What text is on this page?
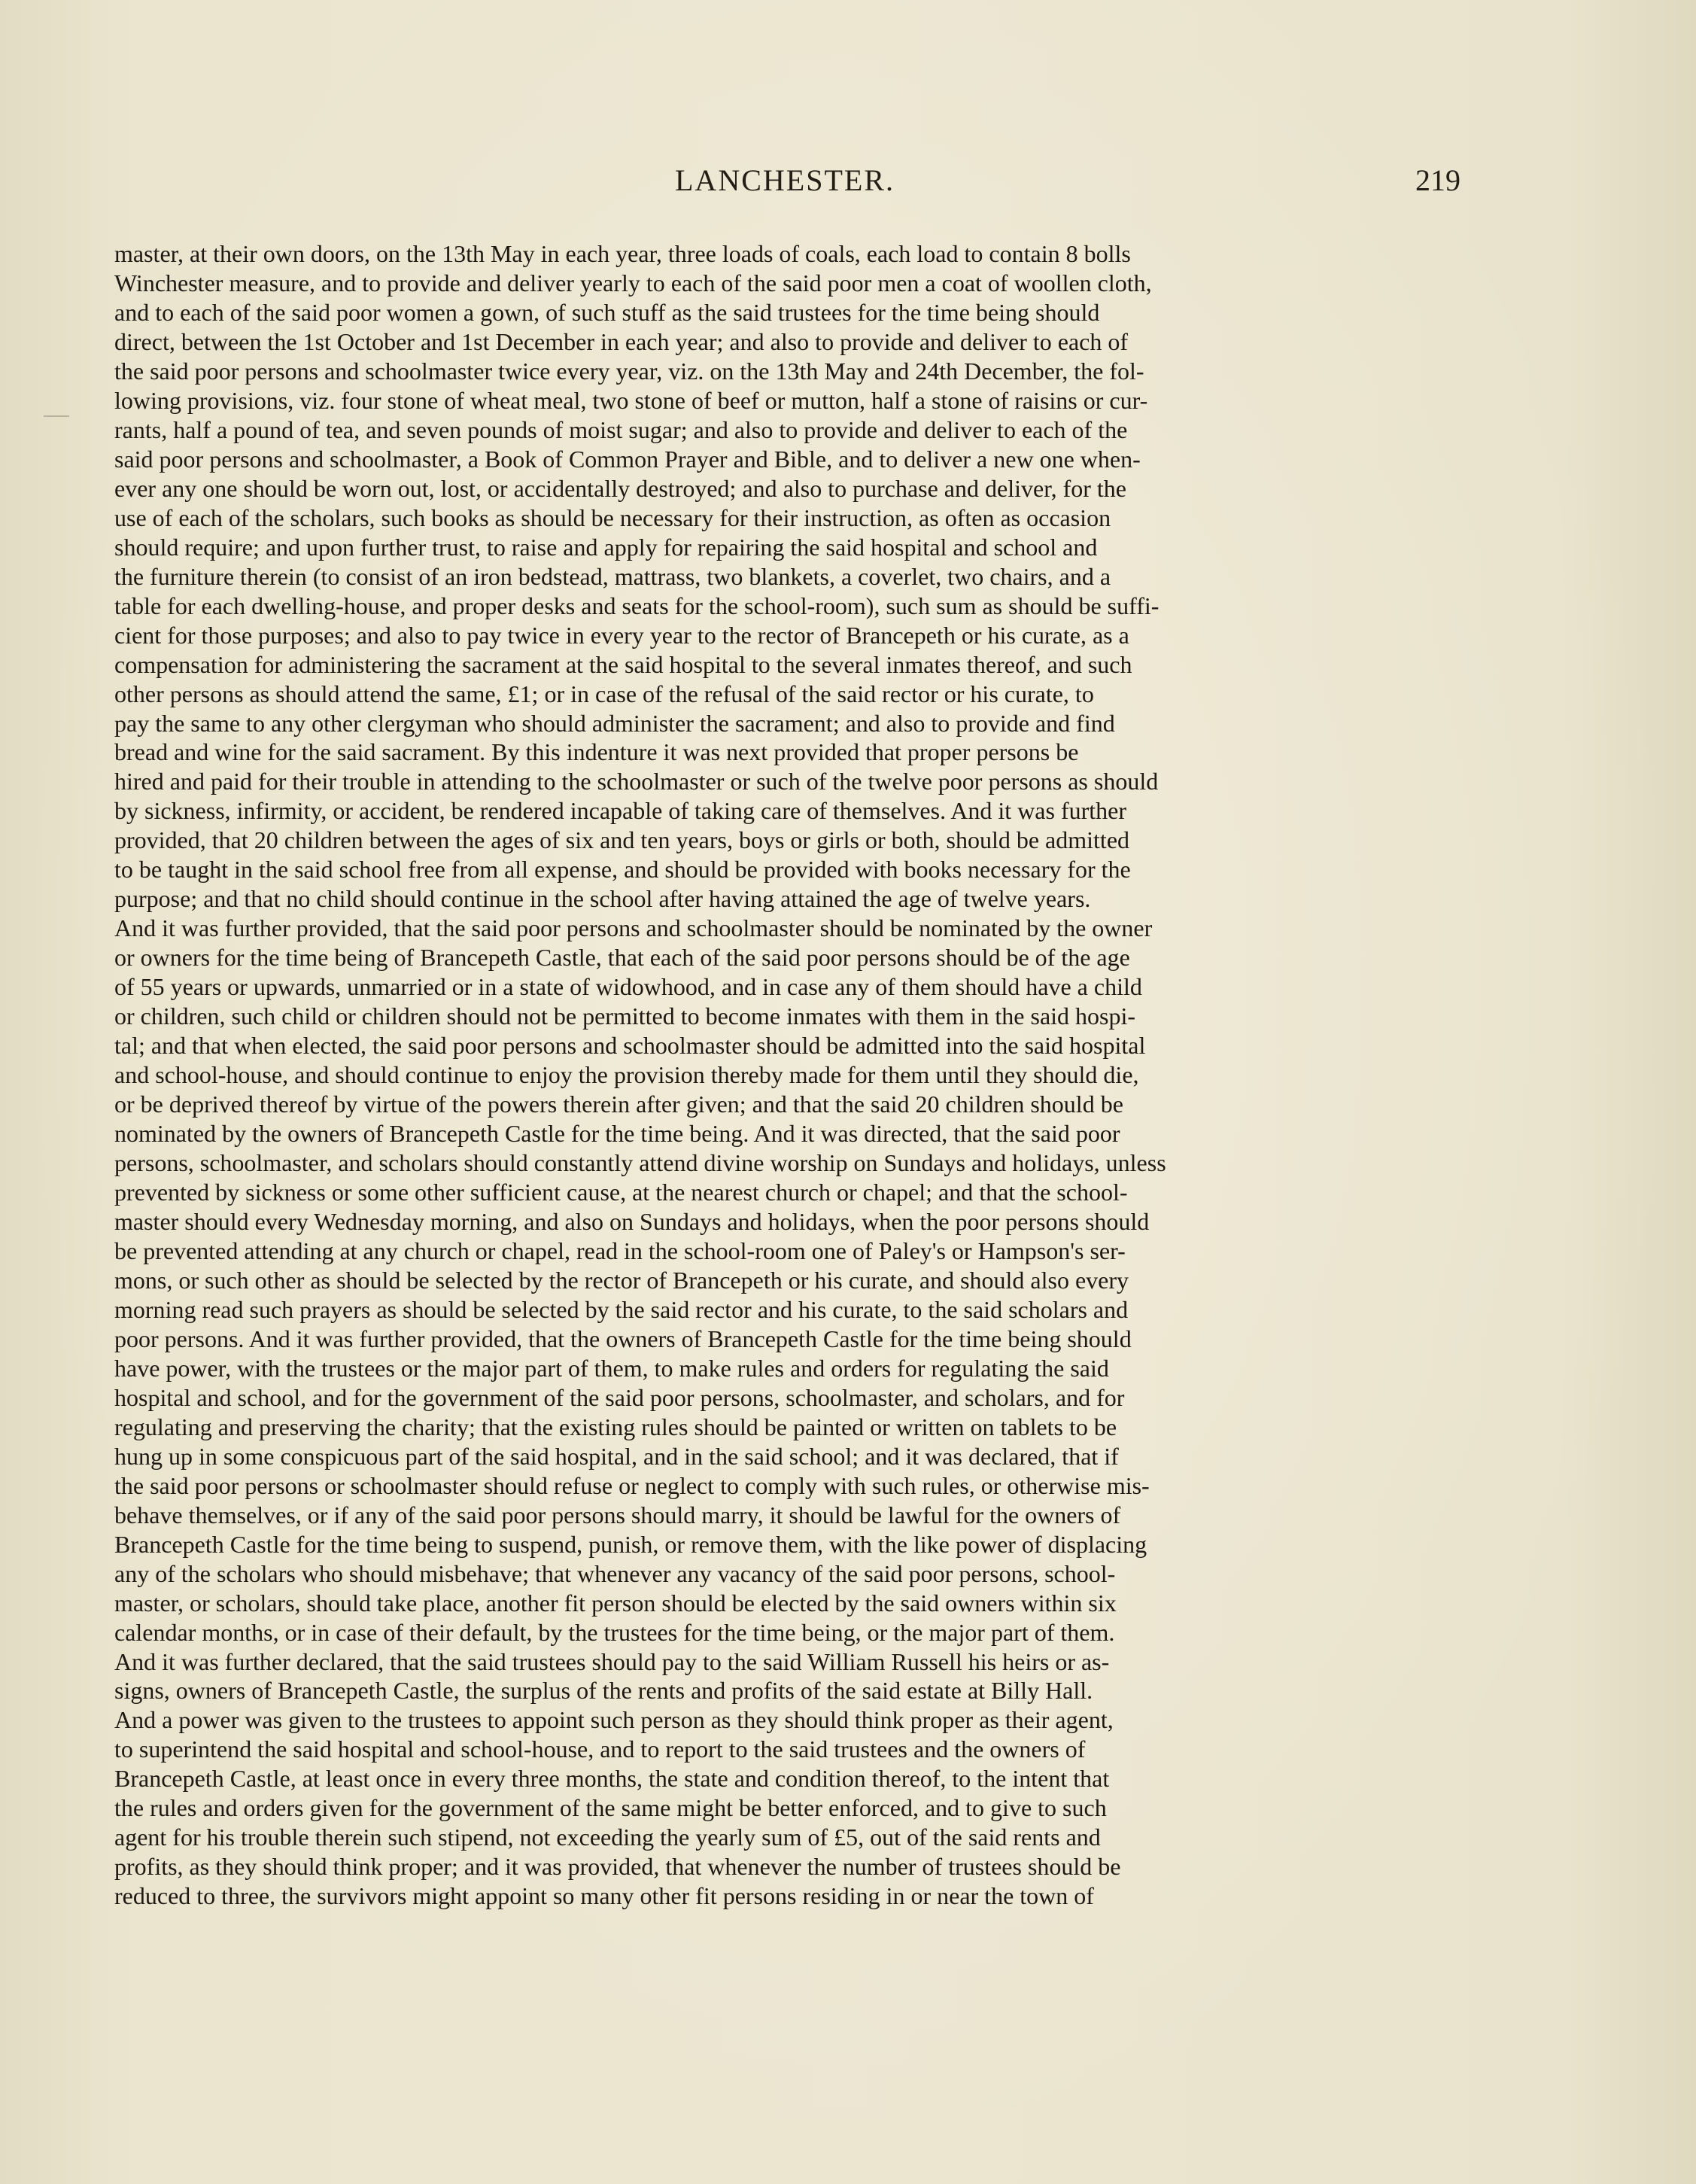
LANCHESTER.	219
master, at their own doors, on the 13th May in each year, three loads of coals, each load to contain 8 bolls
Winchester measure, and to provide and deliver yearly to each of the said poor men a coat of woollen cloth,
and to each of the said poor women a gown, of such stuff as the said trustees for the time being should
direct, between the 1st October and 1st December in each year; and also to provide and deliver to each of
the said poor persons and schoolmaster twice every year, viz. on the 13th May and 24th December, the fol-
lowing provisions, viz. four stone of wheat meal, two stone of beef or mutton, half a stone of raisins or cur-
rants, half a pound of tea, and seven pounds of moist sugar; and also to provide and deliver to each of the
said poor persons and schoolmaster, a Book of Common Prayer and Bible, and to deliver a new one when-
ever any one should be worn out, lost, or accidentally destroyed; and also to purchase and deliver, for the
use of each of the scholars, such books as should be necessary for their instruction, as often as occasion
should require; and upon further trust, to raise and apply for repairing the said hospital and school and
the furniture therein (to consist of an iron bedstead, mattrass, two blankets, a coverlet, two chairs, and a
table for each dwelling-house, and proper desks and seats for the school-room), such sum as should be suffi-
cient for those purposes; and also to pay twice in every year to the rector of Brancepeth or his curate, as a
compensation for administering the sacrament at the said hospital to the several inmates thereof, and such
other persons as should attend the same, £1; or in case of the refusal of the said rector or his curate, to
pay the same to any other clergyman who should administer the sacrament; and also to provide and find
bread and wine for the said sacrament. By this indenture it was next provided that proper persons be
hired and paid for their trouble in attending to the schoolmaster or such of the twelve poor persons as should
by sickness, infirmity, or accident, be rendered incapable of taking care of themselves. And it was further
provided, that 20 children between the ages of six and ten years, boys or girls or both, should be admitted
to be taught in the said school free from all expense, and should be provided with books necessary for the
purpose; and that no child should continue in the school after having attained the age of twelve years.
And it was further provided, that the said poor persons and schoolmaster should be nominated by the owner
or owners for the time being of Brancepeth Castle, that each of the said poor persons should be of the age
of 55 years or upwards, unmarried or in a state of widowhood, and in case any of them should have a child
or children, such child or children should not be permitted to become inmates with them in the said hospi-
tal; and that when elected, the said poor persons and schoolmaster should be admitted into the said hospital
and school-house, and should continue to enjoy the provision thereby made for them until they should die,
or be deprived thereof by virtue of the powers therein after given; and that the said 20 children should be
nominated by the owners of Brancepeth Castle for the time being. And it was directed, that the said poor
persons, schoolmaster, and scholars should constantly attend divine worship on Sundays and holidays, unless
prevented by sickness or some other sufficient cause, at the nearest church or chapel; and that the school-
master should every Wednesday morning, and also on Sundays and holidays, when the poor persons should
be prevented attending at any church or chapel, read in the school-room one of Paley's or Hampson's ser-
mons, or such other as should be selected by the rector of Brancepeth or his curate, and should also every
morning read such prayers as should be selected by the said rector and his curate, to the said scholars and
poor persons. And it was further provided, that the owners of Brancepeth Castle for the time being should
have power, with the trustees or the major part of them, to make rules and orders for regulating the said
hospital and school, and for the government of the said poor persons, schoolmaster, and scholars, and for
regulating and preserving the charity; that the existing rules should be painted or written on tablets to be
hung up in some conspicuous part of the said hospital, and in the said school; and it was declared, that if
the said poor persons or schoolmaster should refuse or neglect to comply with such rules, or otherwise mis-
behave themselves, or if any of the said poor persons should marry, it should be lawful for the owners of
Brancepeth Castle for the time being to suspend, punish, or remove them, with the like power of displacing
any of the scholars who should misbehave; that whenever any vacancy of the said poor persons, school-
master, or scholars, should take place, another fit person should be elected by the said owners within six
calendar months, or in case of their default, by the trustees for the time being, or the major part of them.
And it was further declared, that the said trustees should pay to the said William Russell his heirs or as-
signs, owners of Brancepeth Castle, the surplus of the rents and profits of the said estate at Billy Hall.
And a power was given to the trustees to appoint such person as they should think proper as their agent,
to superintend the said hospital and school-house, and to report to the said trustees and the owners of
Brancepeth Castle, at least once in every three months, the state and condition thereof, to the intent that
the rules and orders given for the government of the same might be better enforced, and to give to such
agent for his trouble therein such stipend, not exceeding the yearly sum of £5, out of the said rents and
profits, as they should think proper; and it was provided, that whenever the number of trustees should be
reduced to three, the survivors might appoint so many other fit persons residing in or near the town of
